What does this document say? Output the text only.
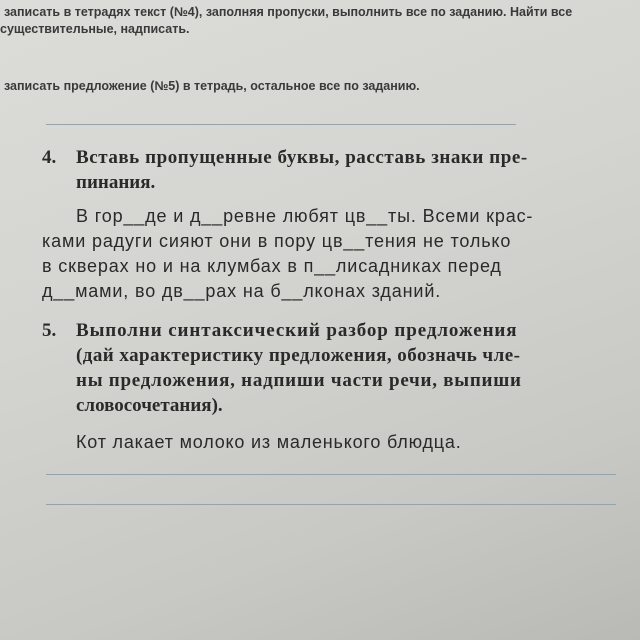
записать в тетрадях текст (№4), заполняя пропуски, выполнить все по заданию. Найти все
существительные, надписать.
записать предложение (№5) в тетрадь, остальное все по заданию.
4. Вставь пропущенные буквы, расставь знаки пре-
пинания.
В гор__де и д__ревне любят цв__ты. Всеми крас-
ками радуги сияют они в пору цв__тения не только
в скверах но и на клумбах в п__лисадниках перед
д__мами, во дв__рах на б__лконах зданий.
5. Выполни синтаксический разбор предложения
(дай характеристику предложения, обозначь чле-
ны предложения, надпиши части речи, выпиши
словосочетания).
Кот лакает молоко из маленького блюдца.
